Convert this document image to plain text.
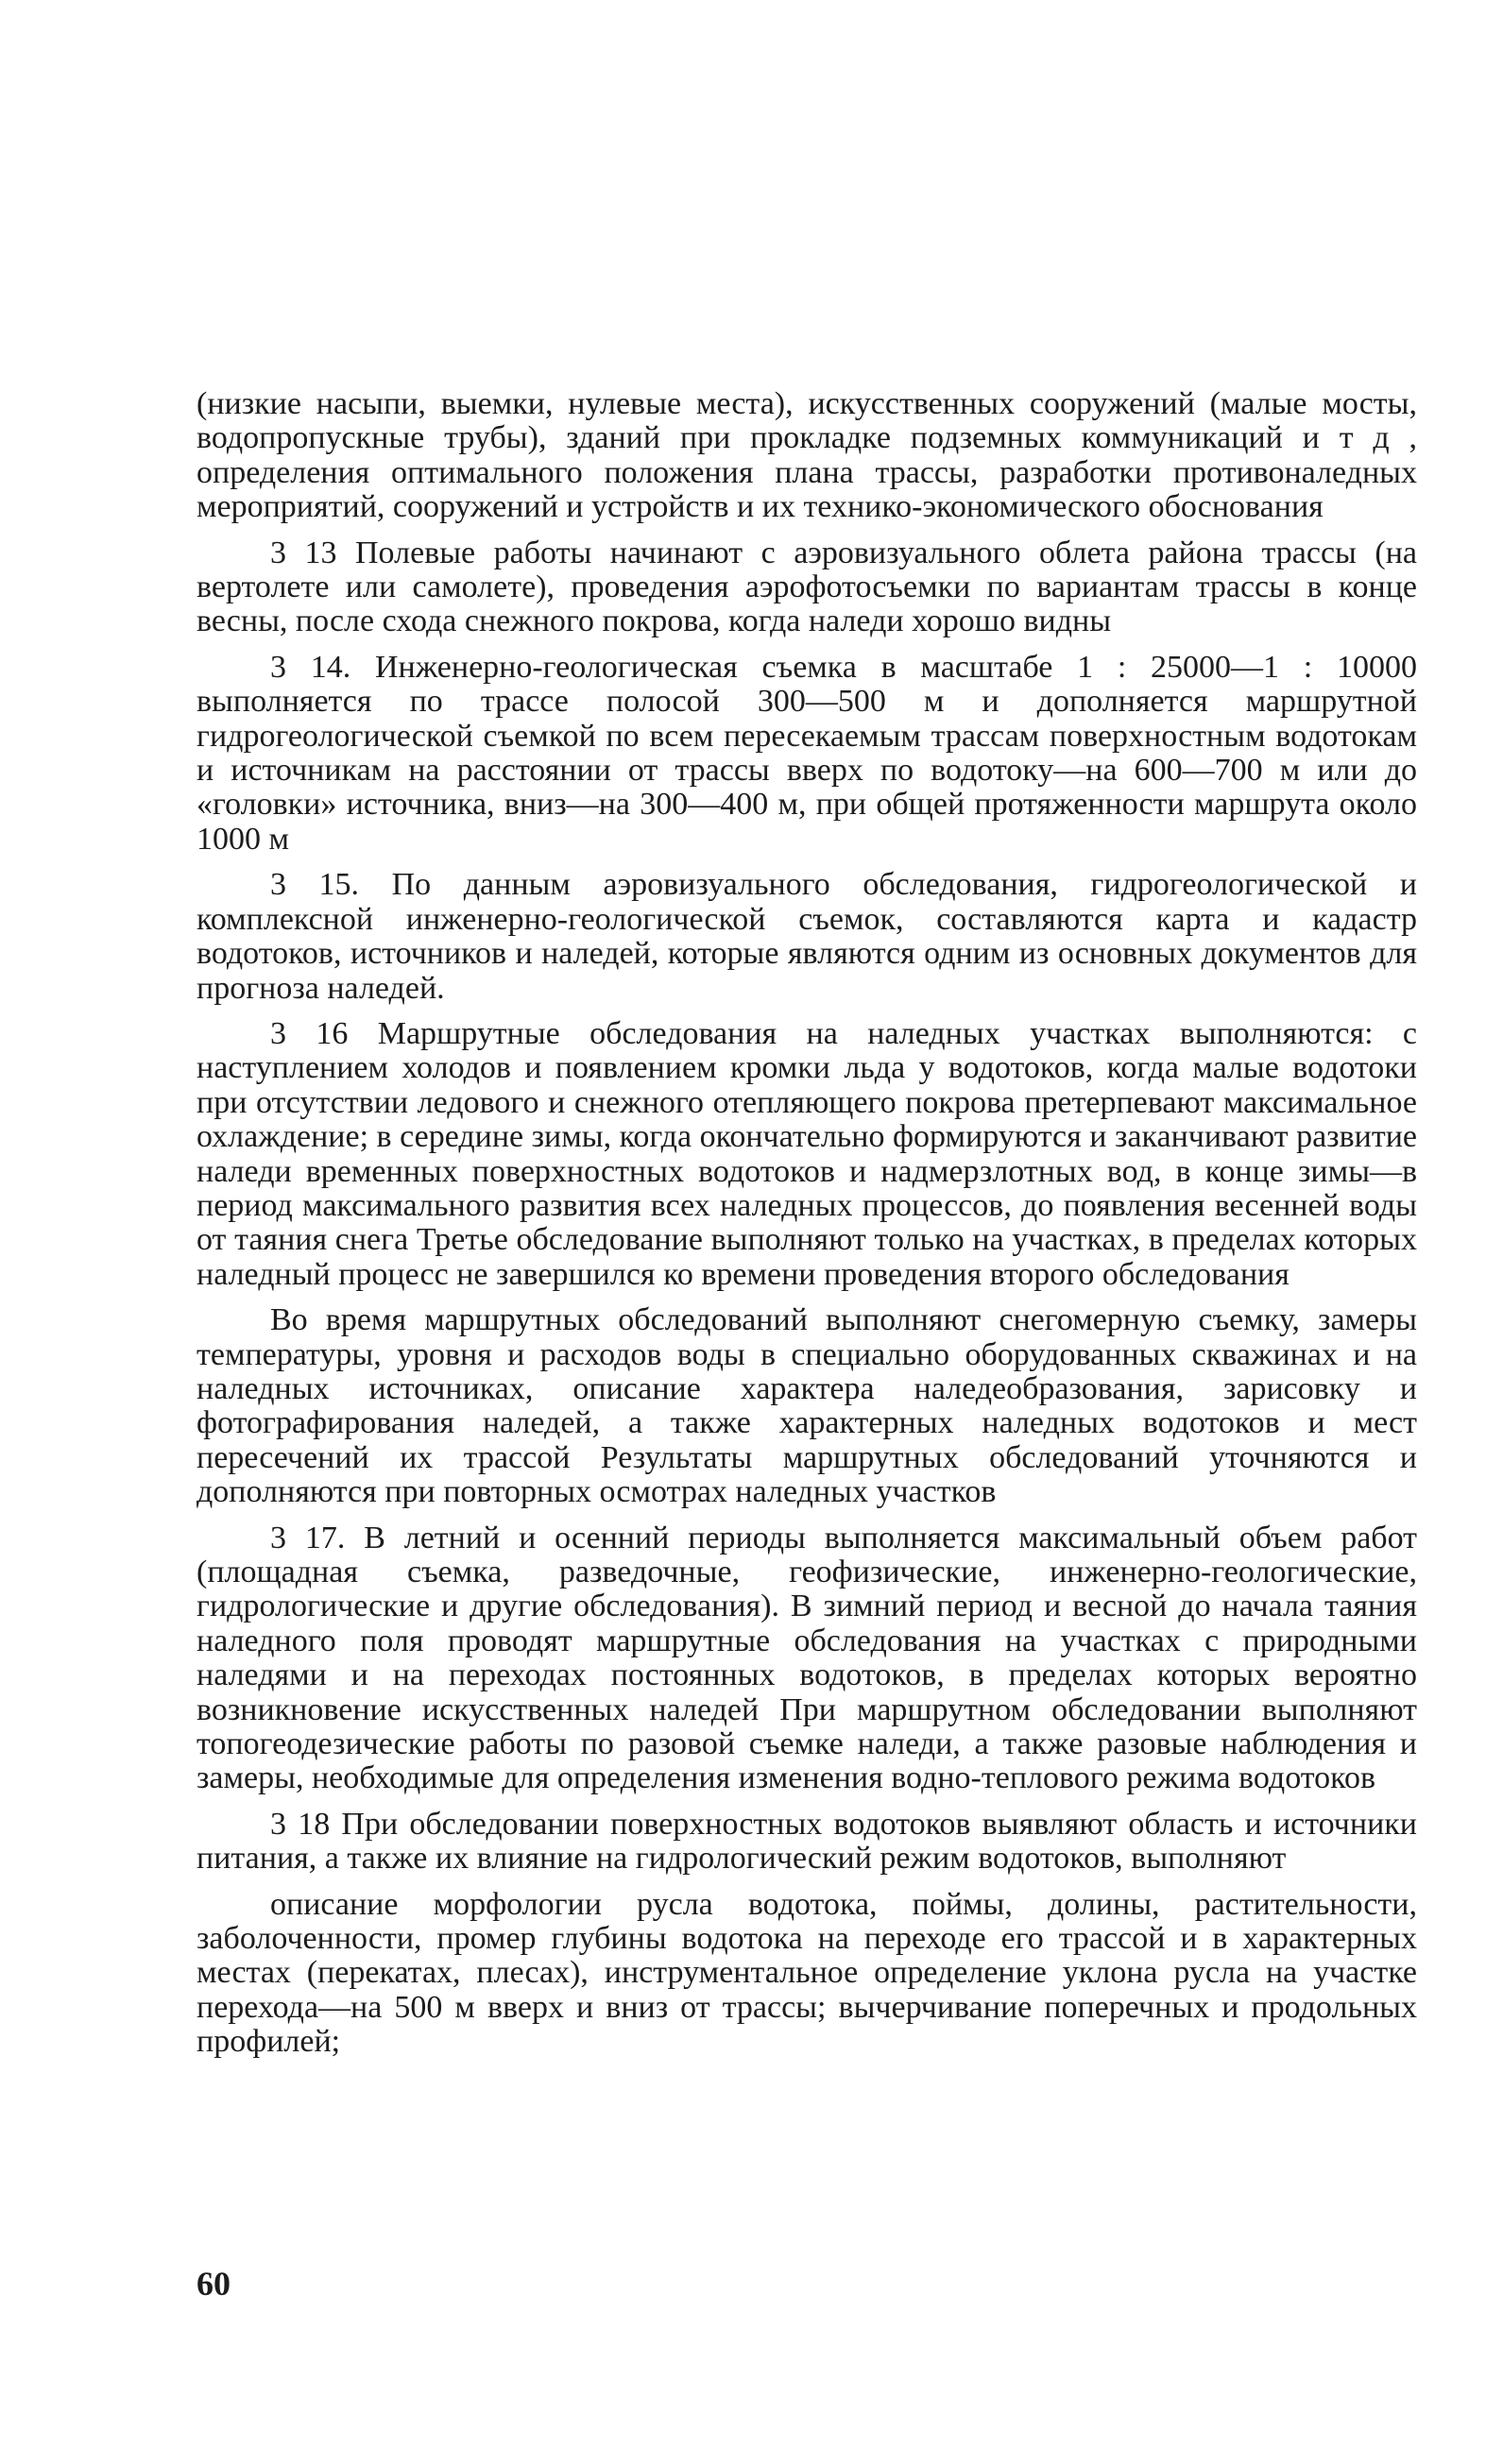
(низкие насыпи, выемки, нулевые места), искусственных сооружений (малые мосты, водопропускные трубы), зданий при прокладке подземных коммуникаций и т д , определения оптимального положения плана трассы, разработки противоналедных мероприятий, сооружений и устройств и их технико-экономического обоснования

3 13 Полевые работы начинают с аэровизуального облета района трассы (на вертолете или самолете), проведения аэрофотосъемки по вариантам трассы в конце весны, после схода снежного покрова, когда наледи хорошо видны

3 14. Инженерно-геологическая съемка в масштабе 1 : 25000—1 : 10000 выполняется по трассе полосой 300—500 м и дополняется маршрутной гидрогеологической съемкой по всем пересекаемым трассам поверхностным водотокам и источникам на расстоянии от трассы вверх по водотоку—на 600—700 м или до «головки» источника, вниз—на 300—400 м, при общей протяженности маршрута около 1000 м

3 15. По данным аэровизуального обследования, гидрогеологической и комплексной инженерно-геологической съемок, составляются карта и кадастр водотоков, источников и наледей, которые являются одним из основных документов для прогноза наледей.

3 16 Маршрутные обследования на наледных участках выполняются: с наступлением холодов и появлением кромки льда у водотоков, когда малые водотоки при отсутствии ледового и снежного отепляющего покрова претерпевают максимальное охлаждение; в середине зимы, когда окончательно формируются и заканчивают развитие наледи временных поверхностных водотоков и надмерзлотных вод, в конце зимы—в период максимального развития всех наледных процессов, до появления весенней воды от таяния снега Третье обследование выполняют только на участках, в пределах которых наледный процесс не завершился ко времени проведения второго обследования

Во время маршрутных обследований выполняют снегомерную съемку, замеры температуры, уровня и расходов воды в специально оборудованных скважинах и на наледных источниках, описание характера наледеобразования, зарисовку и фотографирования наледей, а также характерных наледных водотоков и мест пересечений их трассой Результаты маршрутных обследований уточняются и дополняются при повторных осмотрах наледных участков

3 17. В летний и осенний периоды выполняется максимальный объем работ (площадная съемка, разведочные, геофизические, инженерно-геологические, гидрологические и другие обследования). В зимний период и весной до начала таяния наледного поля проводят маршрутные обследования на участках с природными наледями и на переходах постоянных водотоков, в пределах которых вероятно возникновение искусственных наледей При маршрутном обследовании выполняют топогеодезические работы по разовой съемке наледи, а также разовые наблюдения и замеры, необходимые для определения изменения водно-теплового режима водотоков

3 18 При обследовании поверхностных водотоков выявляют область и источники питания, а также их влияние на гидрологический режим водотоков, выполняют

описание морфологии русла водотока, поймы, долины, растительности, заболоченности, промер глубины водотока на переходе его трассой и в характерных местах (перекатах, плесах), инструментальное определение уклона русла на участке перехода—на 500 м вверх и вниз от трассы; вычерчивание поперечных и продольных профилей;

60
